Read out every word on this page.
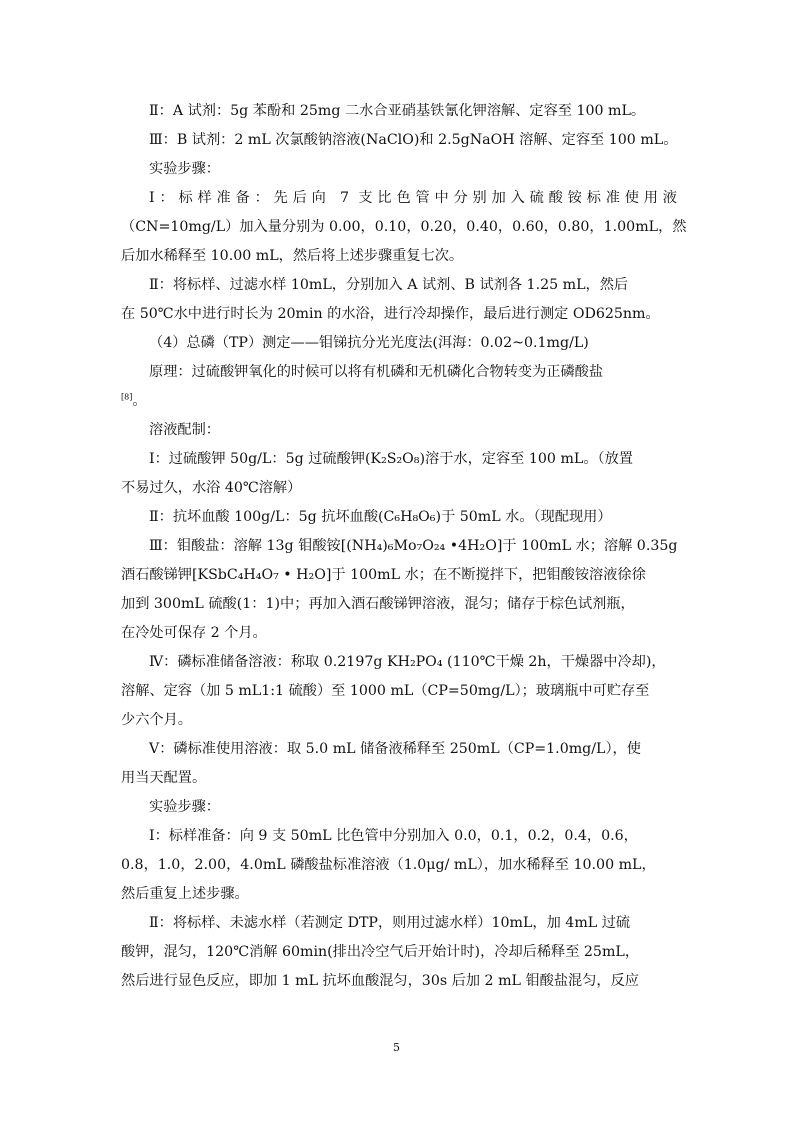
Ⅱ：A 试剂：5g 苯酚和 25mg 二水合亚硝基铁氰化钾溶解、定容至 100 mL。

Ⅲ：B 试剂：2 mL 次氯酸钠溶液(NaClO)和 2.5gNaOH 溶解、定容至 100 mL。

实验步骤：

Ⅰ：标样准备：先后向 7 支比色管中分别加入硫酸铵标准使用液

（CN=10mg/L）加入量分别为 0.00，0.10，0.20，0.40，0.60，0.80，1.00mL，然

后加水稀释至 10.00 mL，然后将上述步骤重复七次。

Ⅱ：将标样、过滤水样 10mL，分别加入 A 试剂、B 试剂各 1.25 mL，然后

在 50℃水中进行时长为 20min 的水浴，进行冷却操作，最后进行测定 OD625nm。

（4）总磷（TP）测定——钼锑抗分光光度法(洱海：0.02~0.1mg/L)

原理：过硫酸钾氧化的时候可以将有机磷和无机磷化合物转变为正磷酸盐

[8]。

溶液配制：

Ⅰ：过硫酸钾 50g/L：5g 过硫酸钾(K₂S₂O₈)溶于水，定容至 100 mL。（放置

不易过久，水浴 40℃溶解）

Ⅱ：抗坏血酸 100g/L：5g 抗坏血酸(C₆H₈O₆)于 50mL 水。（现配现用）

Ⅲ：钼酸盐：溶解 13g 钼酸铵[(NH₄)₆Mo₇O₂₄ •4H₂O]于 100mL 水；溶解 0.35g

酒石酸锑钾[KSbC₄H₄O₇ • H₂O]于 100mL 水；在不断搅拌下，把钼酸铵溶液徐徐

加到 300mL 硫酸(1：1)中；再加入酒石酸锑钾溶液，混匀；储存于棕色试剂瓶，

在冷处可保存 2 个月。

Ⅳ：磷标准储备溶液：称取 0.2197g KH₂PO₄ (110℃干燥 2h，干燥器中冷却)，

溶解、定容（加 5 mL1:1 硫酸）至 1000 mL（CP=50mg/L）；玻璃瓶中可贮存至

少六个月。

Ⅴ：磷标准使用溶液：取 5.0 mL 储备液稀释至 250mL（CP=1.0mg/L），使

用当天配置。

实验步骤：

Ⅰ：标样准备：向 9 支 50mL 比色管中分别加入 0.0，0.1，0.2，0.4，0.6，

0.8，1.0，2.00，4.0mL 磷酸盐标准溶液（1.0μg/ mL），加水稀释至 10.00 mL，

然后重复上述步骤。

Ⅱ：将标样、未滤水样（若测定 DTP，则用过滤水样）10mL，加 4mL 过硫

酸钾，混匀，120℃消解 60min(排出冷空气后开始计时)，冷却后稀释至 25mL，

然后进行显色反应，即加 1 mL 抗坏血酸混匀，30s 后加 2 mL 钼酸盐混匀，反应

5
